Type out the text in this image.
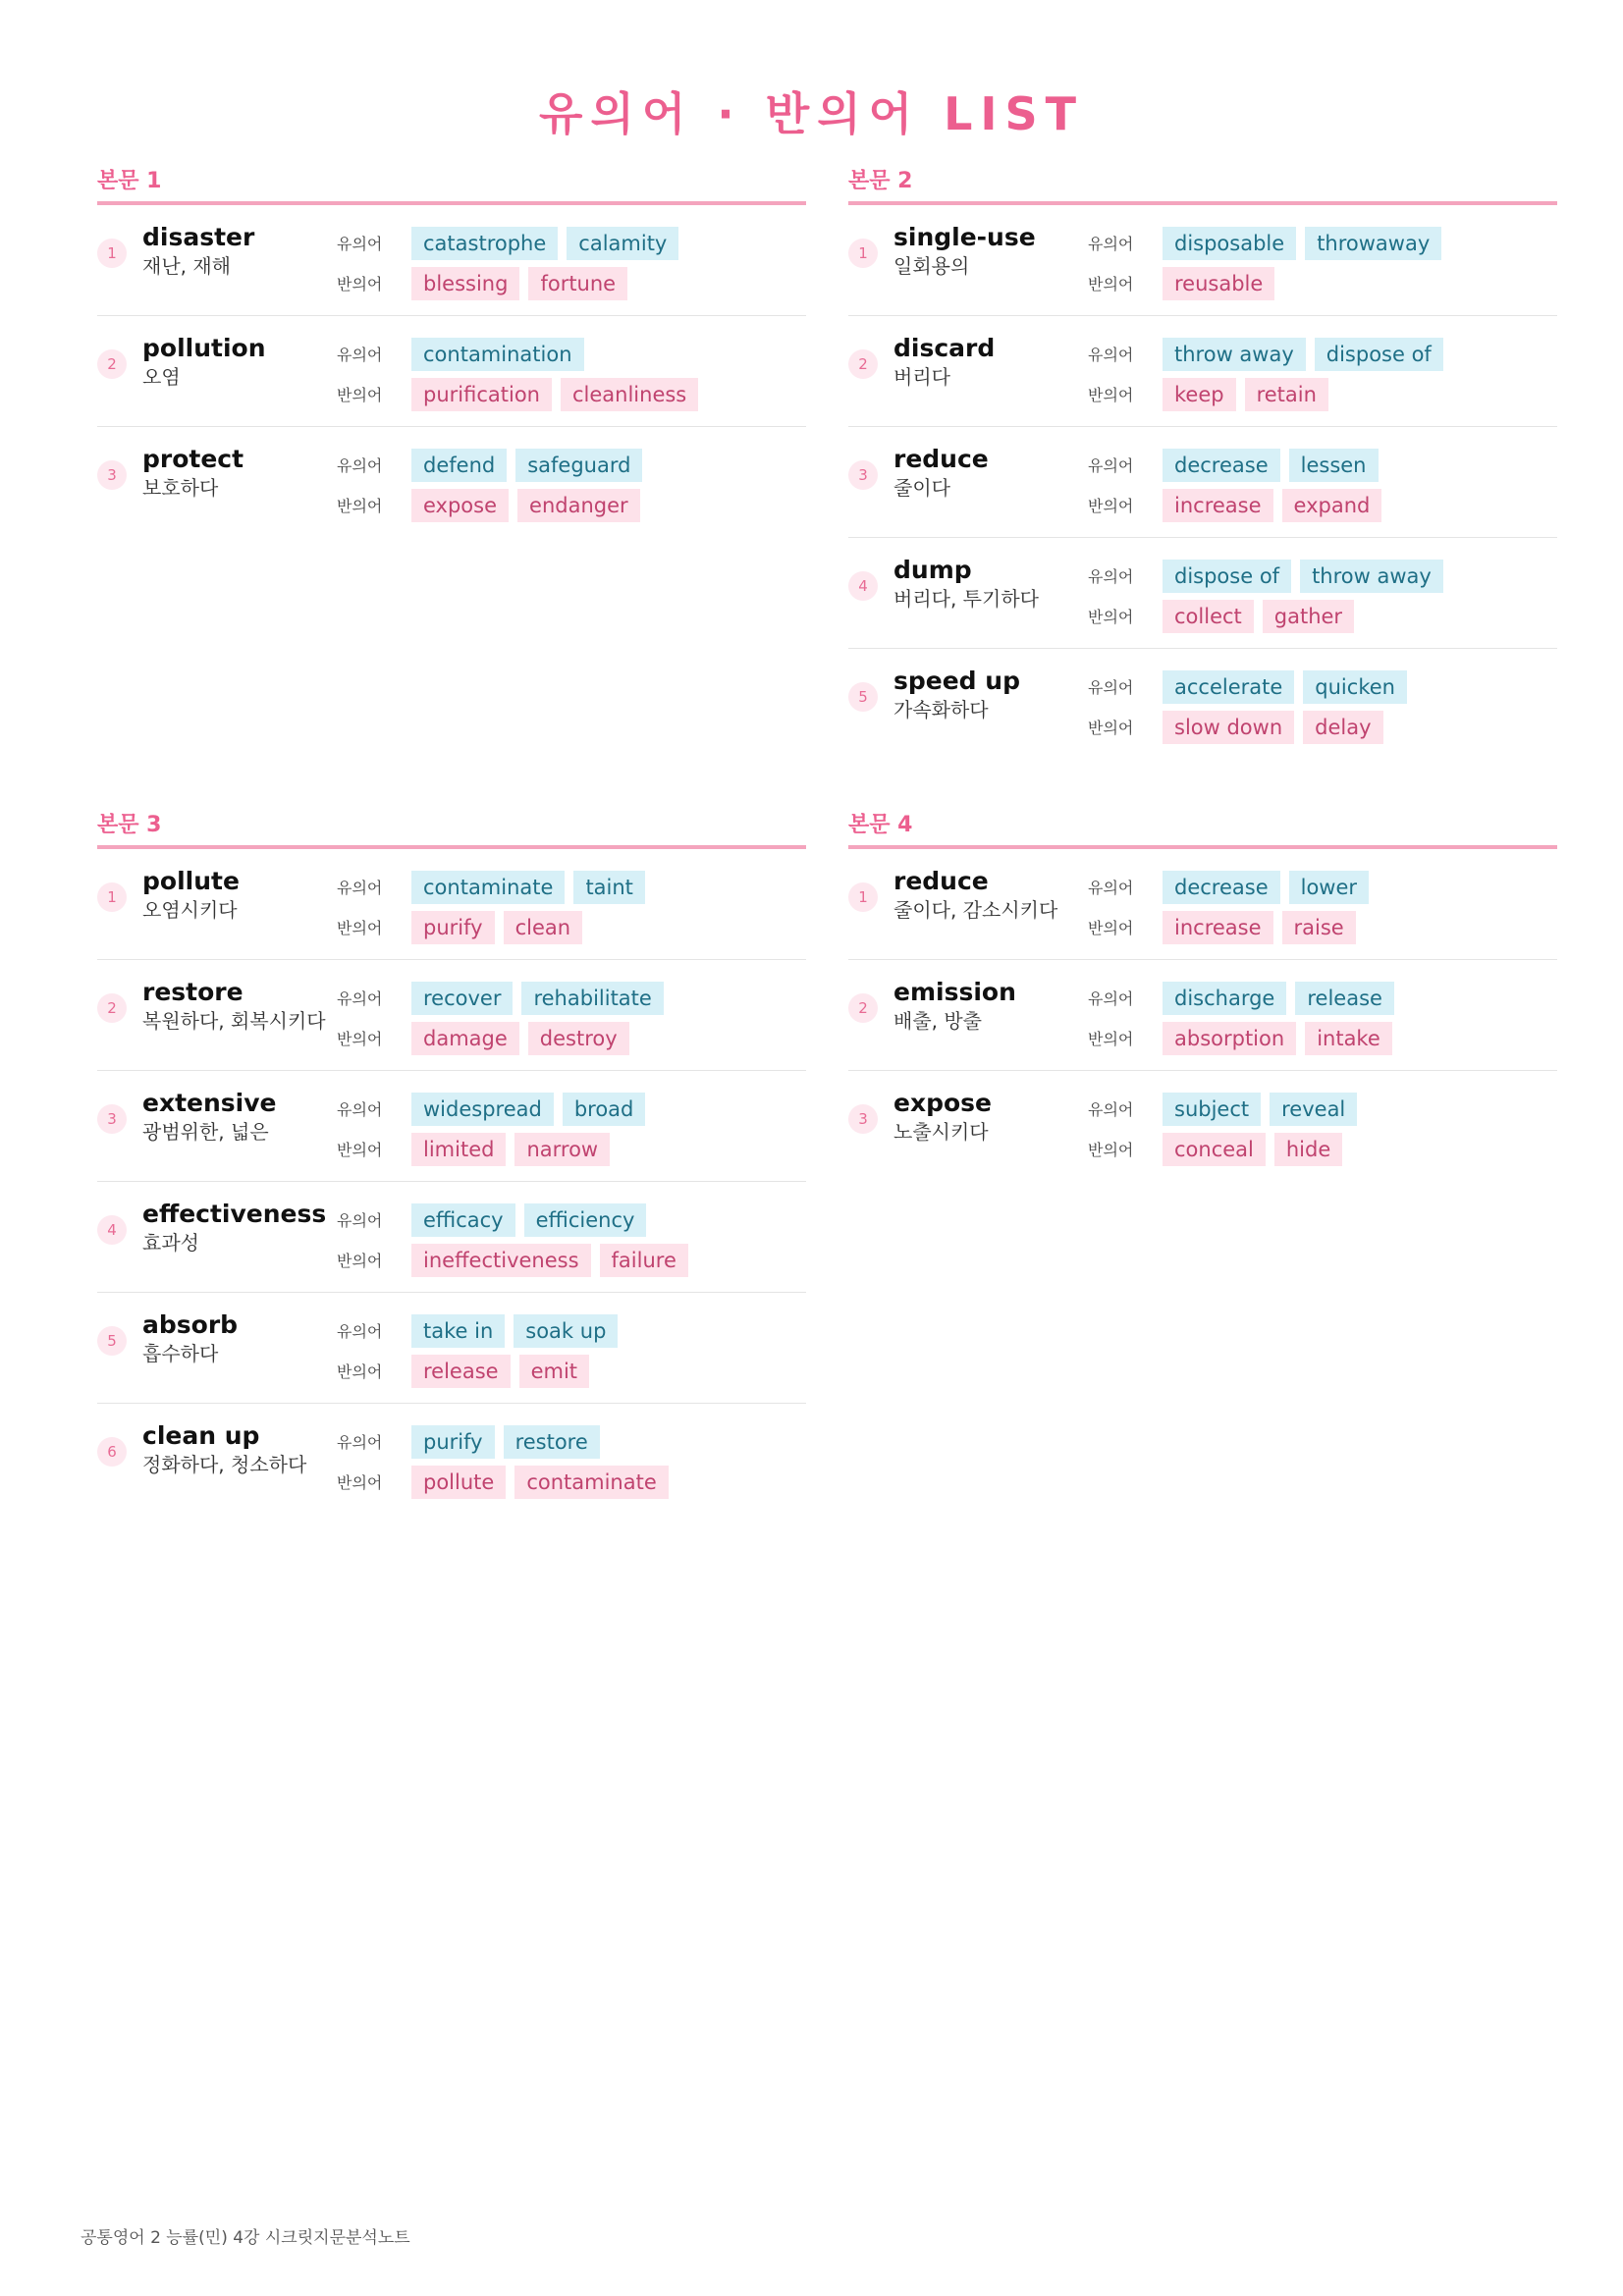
유의어 · 반의어 LIST
본문 1
1
disaster
재난, 재해
유의어	catastrophe	calamity
반의어	blessing	fortune
2
pollution
오염
유의어	contamination
반의어	purification	cleanliness
3
protect
보호하다
유의어	defend	safeguard
반의어	expose	endanger
본문 2
1
single-use
일회용의
유의어	disposable	throwaway
반의어	reusable
2
discard
버리다
유의어	throw away	dispose of
반의어	keep	retain
3
reduce
줄이다
유의어	decrease	lessen
반의어	increase	expand
4
dump
버리다, 투기하다
유의어	dispose of	throw away
반의어	collect	gather
5
speed up
가속화하다
유의어	accelerate	quicken
반의어	slow down	delay
본문 3
1
pollute
오염시키다
유의어	contaminate	taint
반의어	purify	clean
2
restore
복원하다, 회복시키다
유의어	recover	rehabilitate
반의어	damage	destroy
3
extensive
광범위한, 넓은
유의어	widespread	broad
반의어	limited	narrow
4
effectiveness
효과성
유의어	efficacy	efficiency
반의어	ineffectiveness	failure
5
absorb
흡수하다
유의어	take in	soak up
반의어	release	emit
6
clean up
정화하다, 청소하다
유의어	purify	restore
반의어	pollute	contaminate
본문 4
1
reduce
줄이다, 감소시키다
유의어	decrease	lower
반의어	increase	raise
2
emission
배출, 방출
유의어	discharge	release
반의어	absorption	intake
3
expose
노출시키다
유의어	subject	reveal
반의어	conceal	hide
공통영어 2 능률(민) 4강 시크릿지문분석노트
